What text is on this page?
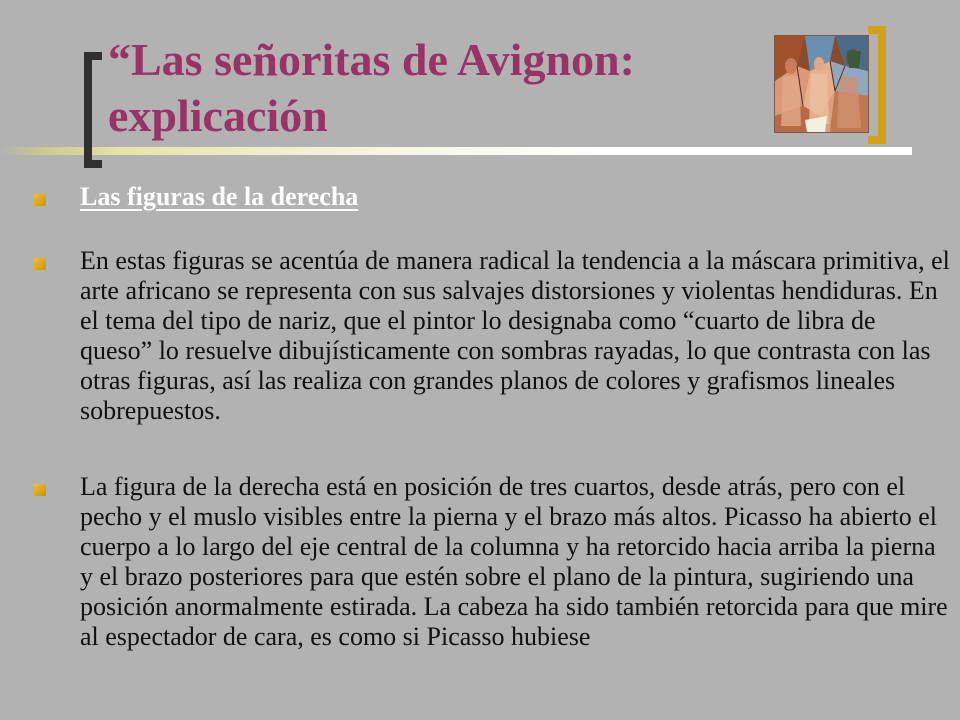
“Las señoritas de Avignon:
explicación
Las figuras de la derecha
En estas figuras se acentúa de manera radical la tendencia a la máscara primitiva, el arte africano se representa con sus salvajes distorsiones y violentas hendiduras. En el tema del tipo de nariz, que el pintor lo designaba como “cuarto de libra de queso” lo resuelve dibujísticamente con sombras rayadas, lo que contrasta con las otras figuras, así las realiza con grandes planos de colores y grafismos lineales sobrepuestos.
La figura de la derecha está en posición de tres cuartos, desde atrás, pero con el pecho y el muslo visibles entre la pierna y el brazo más altos. Picasso ha abierto el cuerpo a lo largo del eje central de la columna y ha retorcido hacia arriba la pierna y el brazo posteriores para que estén sobre el plano de la pintura, sugiriendo una posición anormalmente estirada. La cabeza ha sido también retorcida para que mire al espectador de cara, es como si Picasso hubiese
